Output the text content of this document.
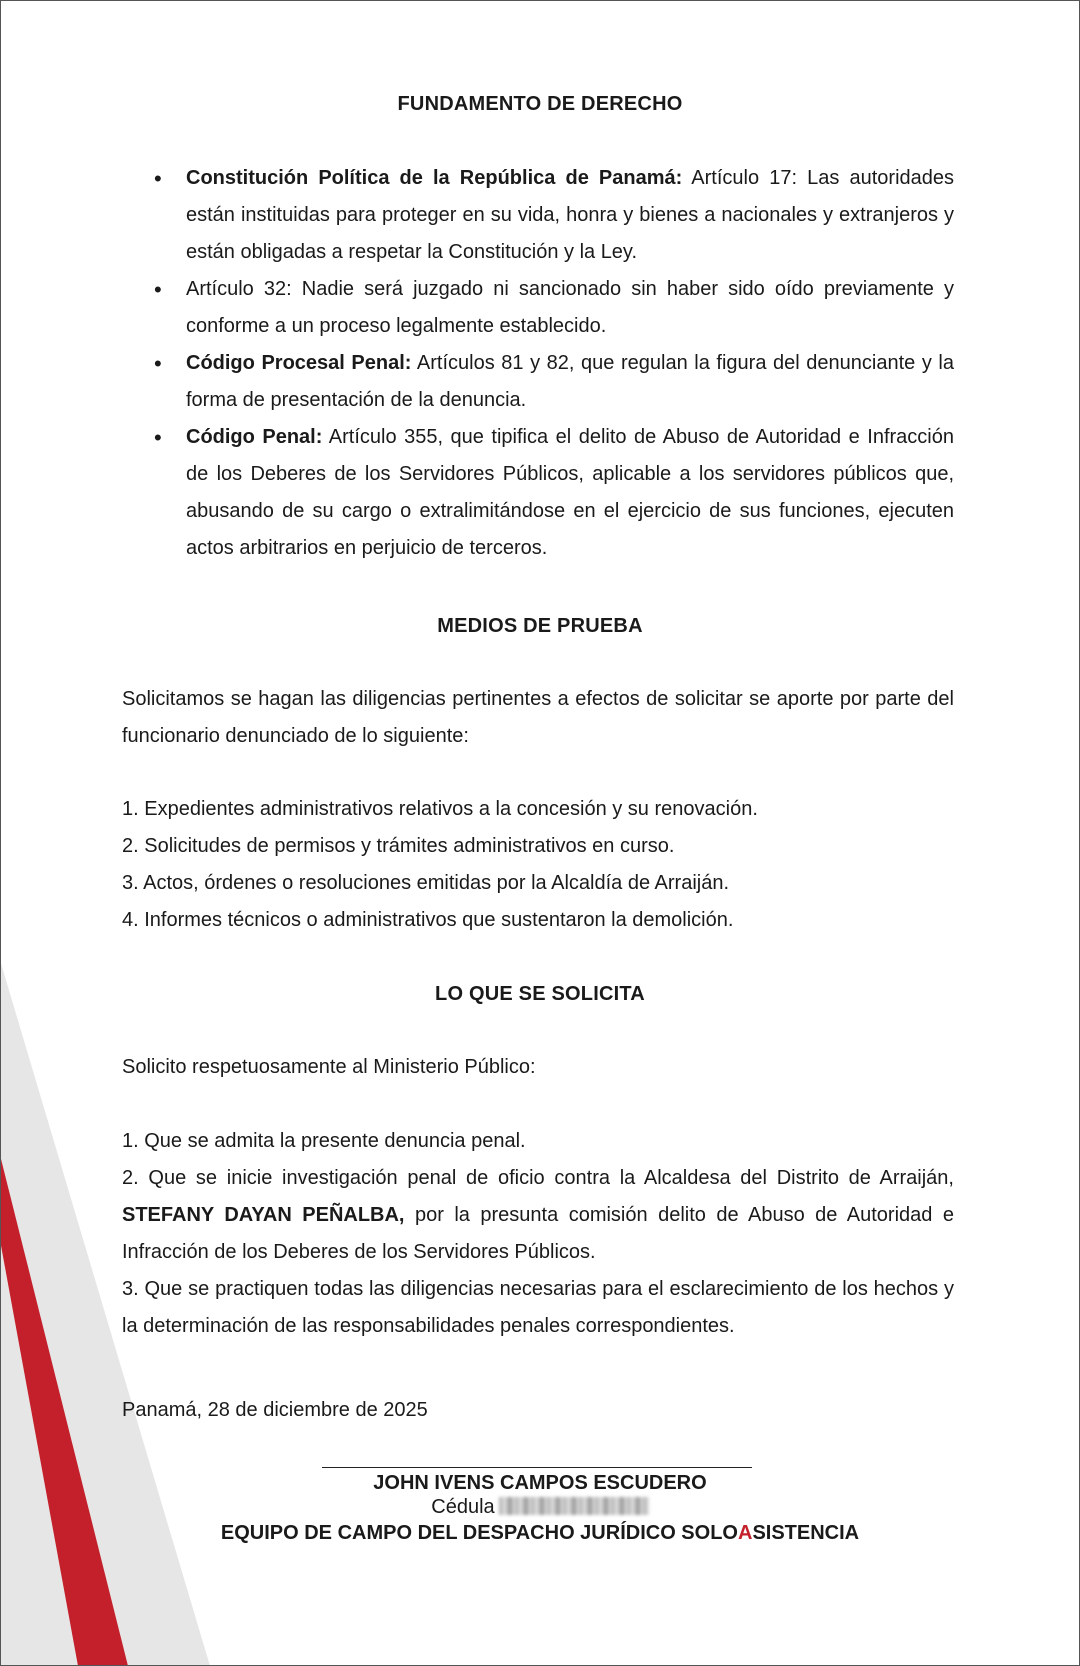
FUNDAMENTO DE DERECHO
• Constitución Política de la República de Panamá: Artículo 17: Las autoridades están instituidas para proteger en su vida, honra y bienes a nacionales y extranjeros y están obligadas a respetar la Constitución y la Ley.
• Artículo 32: Nadie será juzgado ni sancionado sin haber sido oído previamente y conforme a un proceso legalmente establecido.
• Código Procesal Penal: Artículos 81 y 82, que regulan la figura del denunciante y la forma de presentación de la denuncia.
• Código Penal: Artículo 355, que tipifica el delito de Abuso de Autoridad e Infracción de los Deberes de los Servidores Públicos, aplicable a los servidores públicos que, abusando de su cargo o extralimitándose en el ejercicio de sus funciones, ejecuten actos arbitrarios en perjuicio de terceros.
MEDIOS DE PRUEBA

Solicitamos se hagan las diligencias pertinentes a efectos de solicitar se aporte por parte del funcionario denunciado de lo siguiente:

1. Expedientes administrativos relativos a la concesión y su renovación.
2. Solicitudes de permisos y trámites administrativos en curso.
3. Actos, órdenes o resoluciones emitidas por la Alcaldía de Arraiján.
4. Informes técnicos o administrativos que sustentaron la demolición.
LO QUE SE SOLICITA

Solicito respetuosamente al Ministerio Público:

1. Que se admita la presente denuncia penal.
2. Que se inicie investigación penal de oficio contra la Alcaldesa del Distrito de Arraiján, STEFANY DAYAN PEÑALBA, por la presunta comisión delito de Abuso de Autoridad e Infracción de los Deberes de los Servidores Públicos.
3. Que se practiquen todas las diligencias necesarias para el esclarecimiento de los hechos y la determinación de las responsabilidades penales correspondientes.

Panamá, 28 de diciembre de 2025

JOHN IVENS CAMPOS ESCUDERO

Cédula

EQUIPO DE CAMPO DEL DESPACHO JURÍDICO SOLOASISTENCIA
